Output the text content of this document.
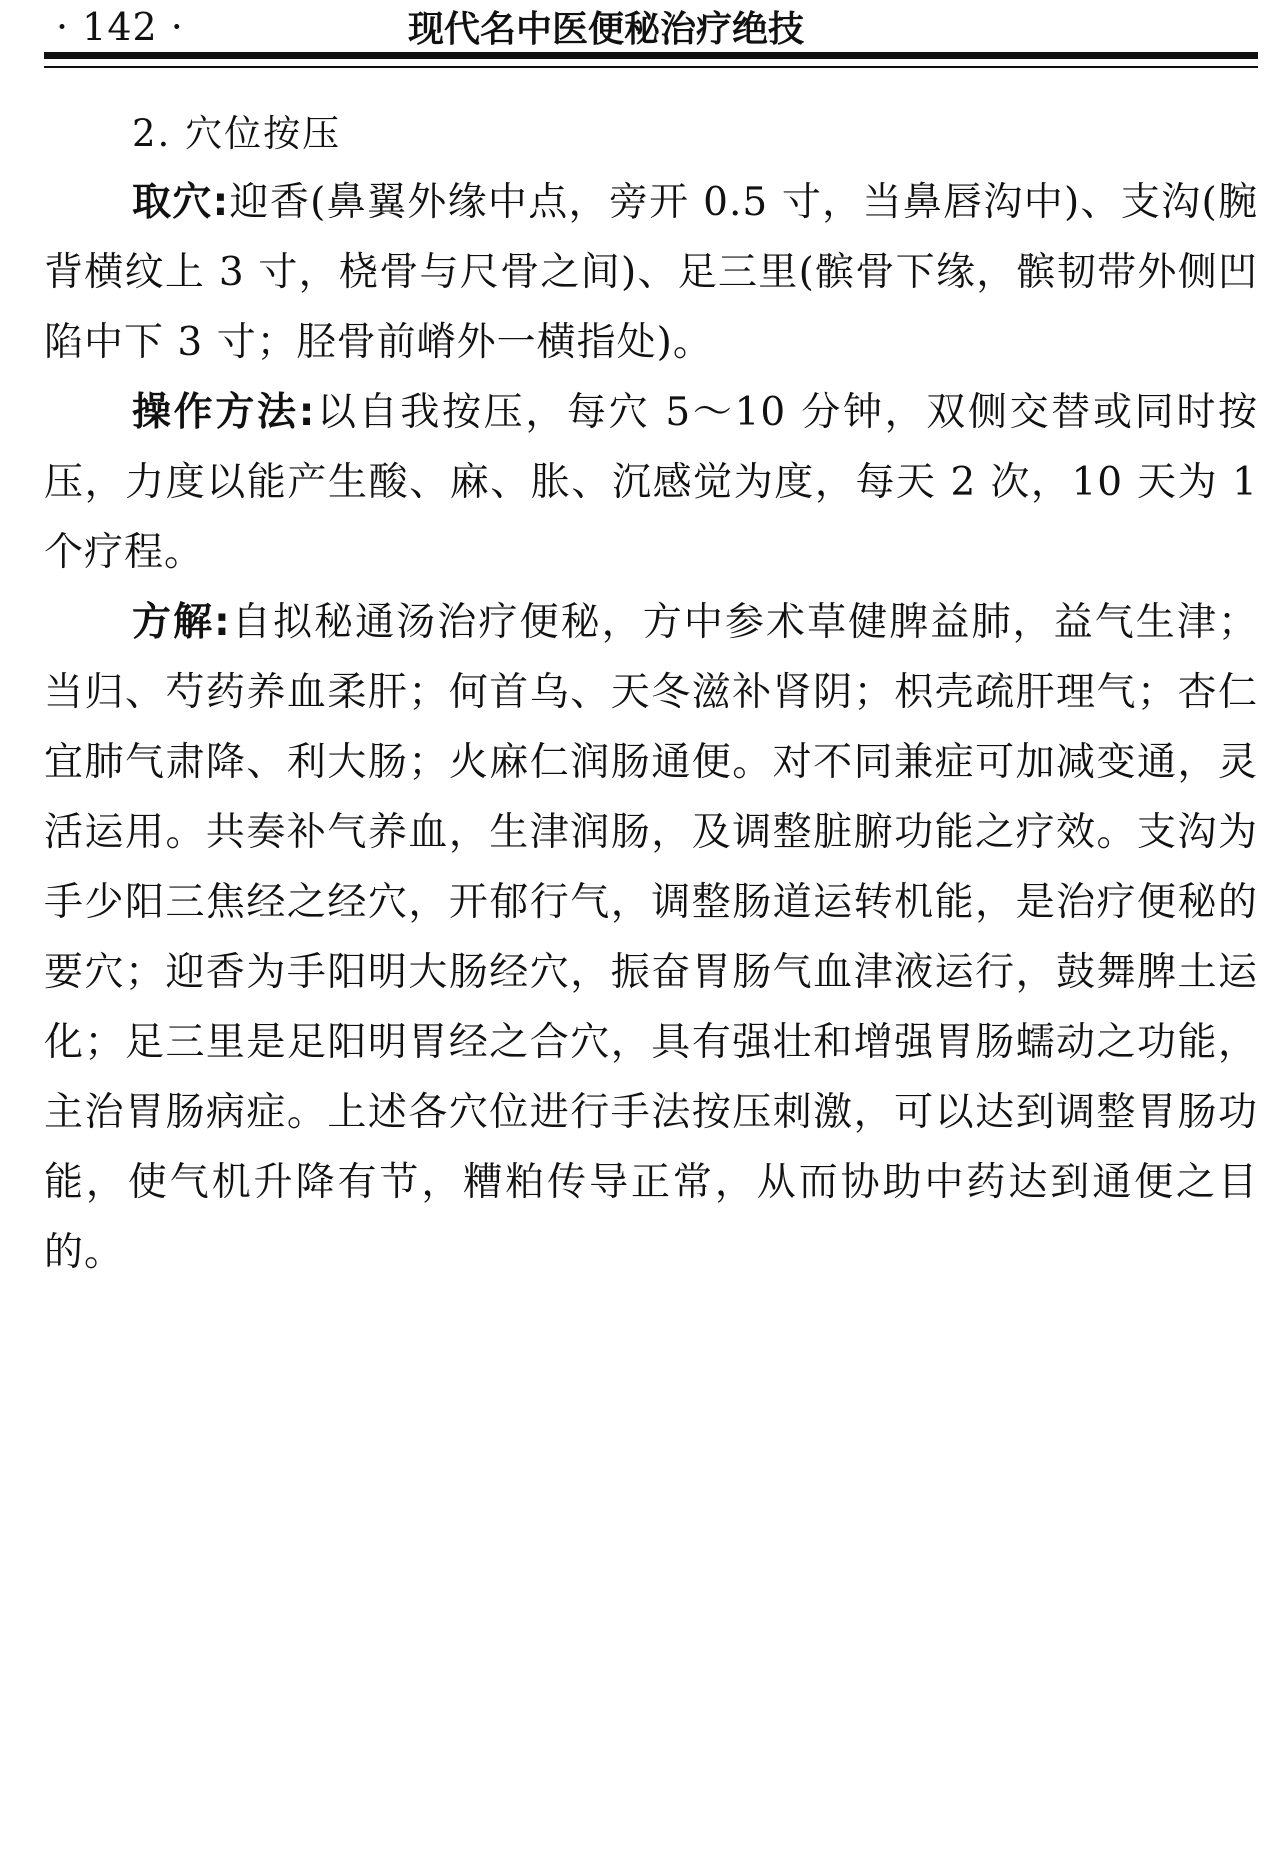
· 142 ·	现代名中医便秘治疗绝技

2. 穴位按压

取穴:迎香(鼻翼外缘中点，旁开 0.5 寸，当鼻唇沟中)、支沟(腕背横纹上 3 寸，桡骨与尺骨之间)、足三里(髌骨下缘，髌韧带外侧凹陷中下 3 寸；胫骨前嵴外一横指处)。

操作方法:以自我按压，每穴 5～10 分钟，双侧交替或同时按压，力度以能产生酸、麻、胀、沉感觉为度，每天 2 次，10 天为 1 个疗程。

方解:自拟秘通汤治疗便秘，方中参术草健脾益肺，益气生津；当归、芍药养血柔肝；何首乌、天冬滋补肾阴；枳壳疏肝理气；杏仁宜肺气肃降、利大肠；火麻仁润肠通便。对不同兼症可加减变通，灵活运用。共奏补气养血，生津润肠，及调整脏腑功能之疗效。支沟为手少阳三焦经之经穴，开郁行气，调整肠道运转机能，是治疗便秘的要穴；迎香为手阳明大肠经穴，振奋胃肠气血津液运行，鼓舞脾土运化；足三里是足阳明胃经之合穴，具有强壮和增强胃肠蠕动之功能，主治胃肠病症。上述各穴位进行手法按压刺激，可以达到调整胃肠功能，使气机升降有节，糟粕传导正常，从而协助中药达到通便之目的。
